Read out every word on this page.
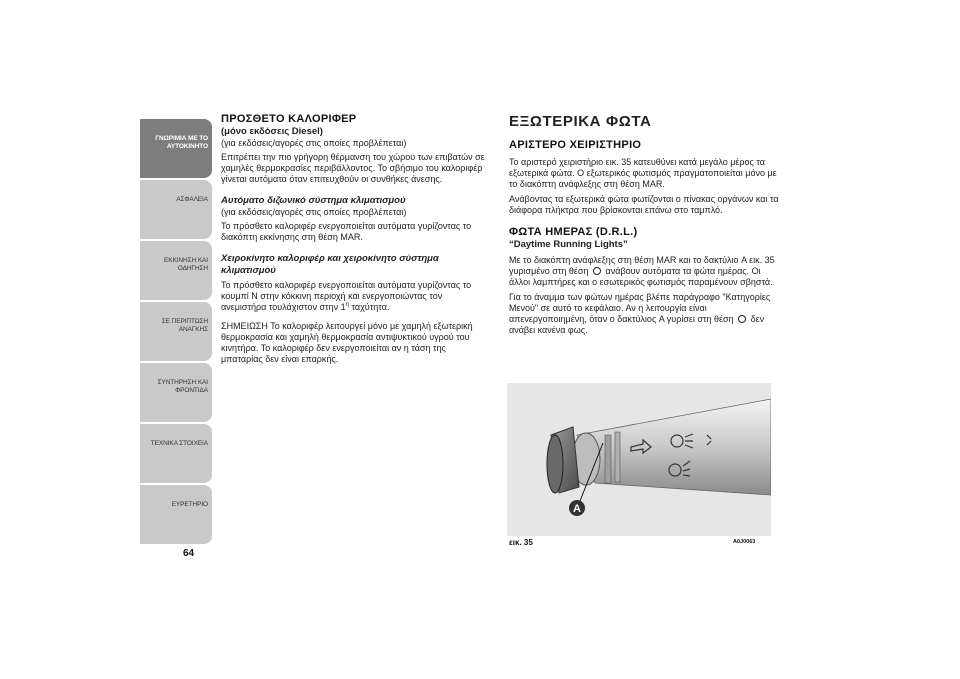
ΓΝΩΡΙΜΙΑ ΜΕ ΤΟ
ΑΥΤΟΚΙΝΗΤΟ
ΑΣΦΑΛΕΙΑ
ΕΚΚΙΝΗΣΗ ΚΑΙ
ΟΔΗΓΗΣΗ
ΣΕ ΠΕΡΙΠΤΩΣΗ
ΑΝΑΓΚΗΣ
ΣΥΝΤΗΡΗΣΗ ΚΑΙ
ΦΡΟΝΤΙΔΑ
ΤΕΧΝΙΚΑ ΣΤΟΙΧΕΙΑ
ΕΥΡΕΤΗΡΙΟ
64
ΠΡΟΣΘΕΤΟ ΚΑΛΟΡΙΦΕΡ
(μόνο εκδόσεις Diesel)
(για εκδόσεις/αγορές στις οποίες προβλέπεται)

Επιτρέπει την πιο γρήγορη θέρμανση του χώρου των επιβατών σε χαμηλές θερμοκρασίες περιβάλλοντος. Το σβήσιμο του καλοριφέρ γίνεται αυτόματα όταν επιτευχθούν οι συνθήκες άνεσης.

Αυτόματο διζωνικό σύστημα κλιματισμού
(για εκδόσεις/αγορές στις οποίες προβλέπεται)

Το πρόσθετο καλοριφέρ ενεργοποιείται αυτόματα γυρίζοντας το διακόπτη εκκίνησης στη θέση MAR.

Χειροκίνητο καλοριφέρ και χειροκίνητο σύστημα κλιματισμού

Το πρόσθετο καλοριφέρ ενεργοποιείται αυτόματα γυρίζοντας το κουμπί N στην κόκκινη περιοχή και ενεργοποιώντας τον ανεμιστήρα τουλάχιστον στην $1^\eta$ ταχύτητα.

ΣΗΜΕΙΩΣΗ Το καλοριφέρ λειτουργεί μόνο με χαμηλή εξωτερική θερμοκρασία και χαμηλή θερμοκρασία αντιψυκτικού υγρού του κινητήρα. Το καλοριφέρ δεν ενεργοποιείται αν η τάση της μπαταρίας δεν είναι επαρκής.

ΕΞΩΤΕΡΙΚΑ ΦΩΤΑ
ΑΡΙΣΤΕΡΟ ΧΕΙΡΙΣΤΗΡΙΟ

Το αριστερό χειριστήριο εικ. 35 κατευθύνει κατά μεγάλο μέρος τα εξωτερικά φώτα. Ο εξωτερικός φωτισμός πραγματοποιείται μόνο με το διακόπτη ανάφλεξης στη θέση MAR.

Ανάβοντας τα εξωτερικά φώτα φωτίζονται ο πίνακας οργάνων και τα διάφορα πλήκτρα που βρίσκονται επάνω στο ταμπλό.

ΦΩΤΑ ΗΜΕΡΑΣ (D.R.L.)
“Daytime Running Lights”

Με το διακόπτη ανάφλεξης στη θέση MAR και το δακτύλιο A εικ. 35 γυρισμένο στη θέση ανάβουν αυτόματα τα φώτα ημέρας. Οι άλλοι λαμπτήρες και ο εσωτερικός φωτισμός παραμένουν σβηστά.

Για το άναμμα των φώτων ημέρας βλέπε παράγραφο "Κατηγορίες Μενού" σε αυτό το κεφάλαιο. Αν η λειτουργία είναι απενεργοποιημένη, όταν ο δακτύλιος A γυρίσει στη θέση δεν ανάβει κανένα φως.

A
εικ. 35	A0J0063
